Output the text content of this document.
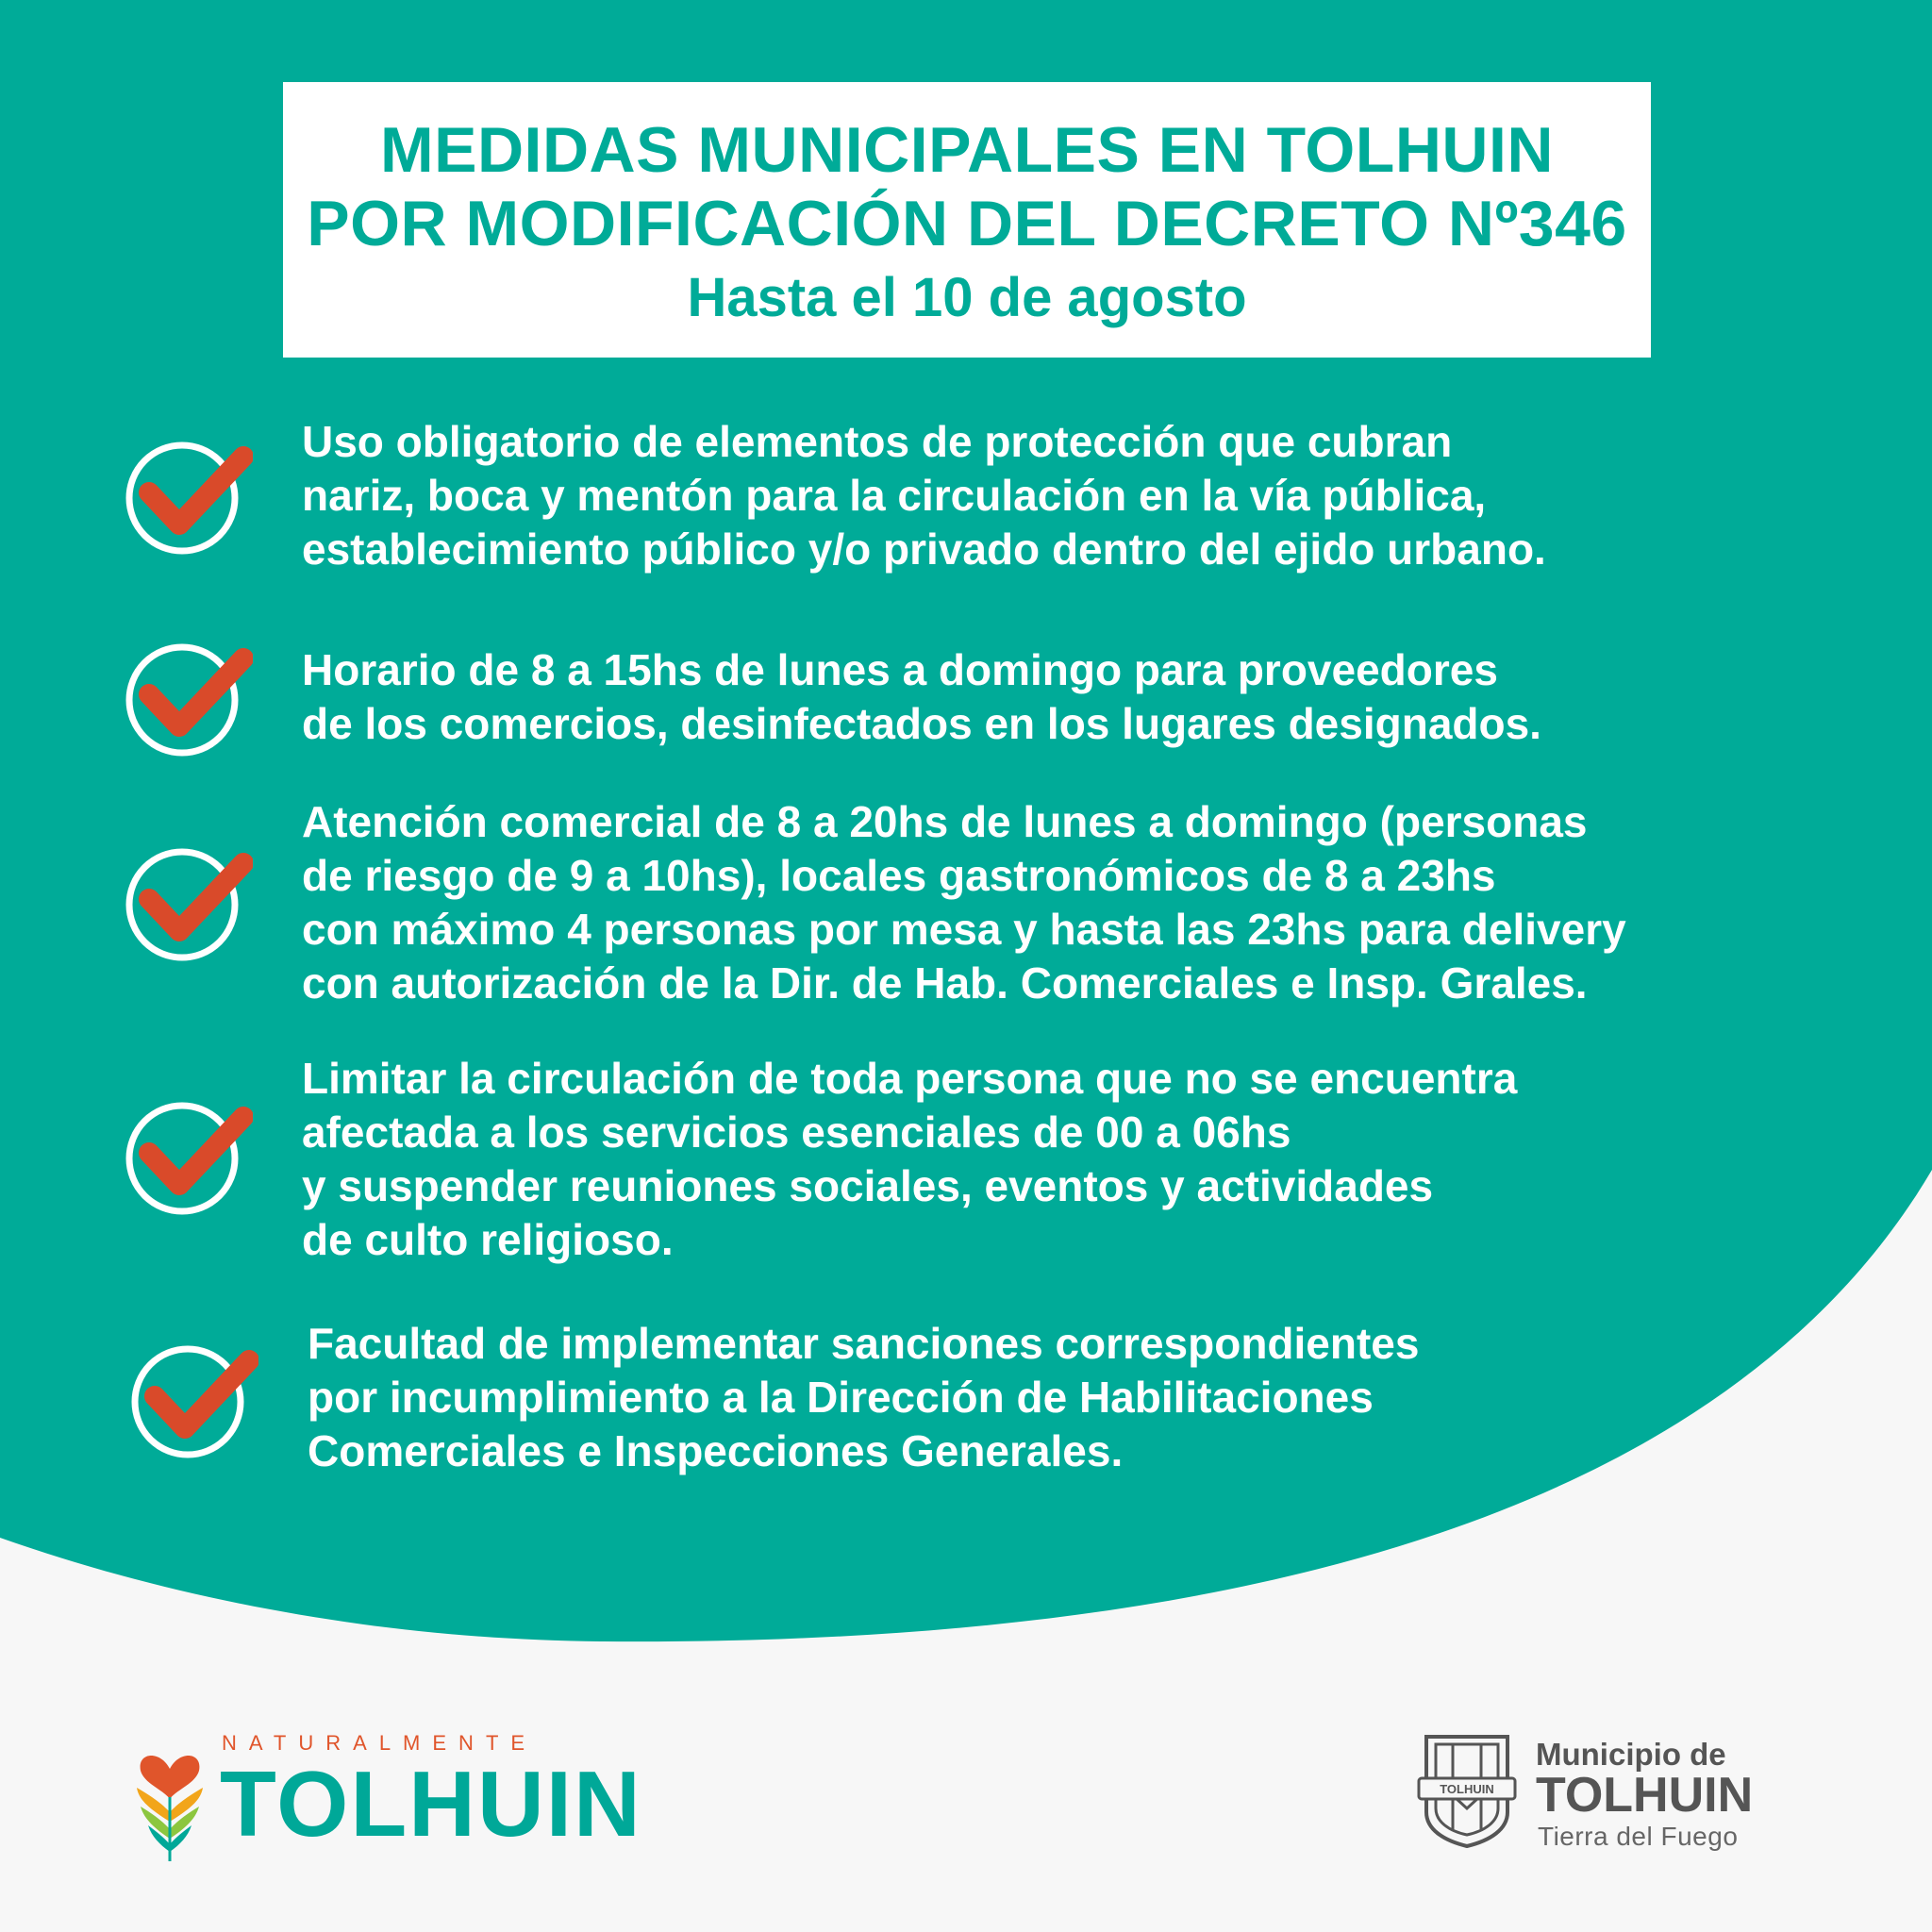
MEDIDAS MUNICIPALES EN TOLHUIN
POR MODIFICACIÓN DEL DECRETO Nº346
Hasta el 10 de agosto
Uso obligatorio de elementos de protección que cubran
nariz, boca y mentón para la circulación en la vía pública,
establecimiento público y/o privado dentro del ejido urbano.
Horario de 8 a 15hs de lunes a domingo para proveedores
de los comercios, desinfectados en los lugares designados.
Atención comercial de 8 a 20hs de lunes a domingo (personas
de riesgo de 9 a 10hs), locales gastronómicos de 8 a 23hs
con máximo 4 personas por mesa y hasta las 23hs para delivery
con autorización de la Dir. de Hab. Comerciales e Insp. Grales.
Limitar la circulación de toda persona que no se encuentra
afectada a los servicios esenciales de 00 a 06hs
y suspender reuniones sociales, eventos y actividades
de culto religioso.
Facultad de implementar sanciones correspondientes
por incumplimiento a la Dirección de Habilitaciones
Comerciales e Inspecciones Generales.
NATURALMENTE
TOLHUIN	TOLHUIN
Municipio de
TOLHUIN
Tierra del Fuego
